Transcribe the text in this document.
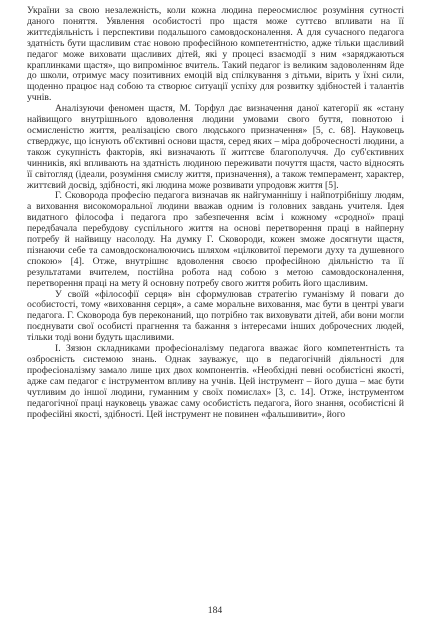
України за свою незалежність, коли кожна людина переосмислює розуміння сутності даного поняття. Уявлення особистості про щастя може суттєво впливати на її життєдіяльність і перспективи подальшого самовдосконалення. А для сучасного педагога здатність бути щасливим стає новою професійною компетентністю, адже тільки щасливий педагог може виховати щасливих дітей, які у процесі взаємодії з ним «заряджаються краплинками щастя», що випромінює вчитель. Такий педагог із великим задоволенням йде до школи, отримує масу позитивних емоцій від спілкування з дітьми, вірить у їхні сили, щоденно працює над собою та створює ситуації успіху для розвитку здібностей і талантів учнів.

Аналізуючи феномен щастя, М. Торфул дає визначення даної категорії як «стану найвищого внутрішнього вдоволення людини умовами свого буття, повнотою і осмисленістю життя, реалізацією свого людського призначення» [5, с. 68]. Науковець стверджує, що існують об'єктивні основи щастя, серед яких – міра доброчесності людини, а також сукупність факторів, які визначають її життєве благополуччя. До суб'єктивних чинників, які впливають на здатність людиною переживати почуття щастя, часто відносять її світогляд (ідеали, розуміння смислу життя, призначення), а також темперамент, характер, життєвий досвід, здібності, які людина може розвивати упродовж життя [5].

Г. Сковорода професію педагога визначав як найгуманнішу і найпотрібнішу людям, а виховання високоморальної людини вважав одним із головних завдань учителя. Ідея видатного філософа і педагога про забезпечення всім і кожному «сродної» праці передбачала перебудову суспільного життя на основі перетворення праці в найперну потребу й найвищу насолоду. На думку Г. Сковороди, кожен зможе досягнути щастя, пізнаючи себе та самовдосконалюючись шляхом «цілковитої перемоги духу та душевного спокою» [4]. Отже, внутрішнє вдоволення своєю професійною діяльністю та її результатами вчителем, постійна робота над собою з метою самовдосконалення, перетворення праці на мету й основну потребу свого життя робить його щасливим.

У своїй «філософії серця» він сформулював стратегію гуманізму й поваги до особистості, тому «виховання серця», а саме моральне виховання, має бути в центрі уваги педагога. Г. Сковорода був переконаний, що потрібно так виховувати дітей, аби вони могли поєднувати свої особисті прагнення та бажання з інтересами інших доброчесних людей, тільки тоді вони будуть щасливими.

І. Зязюн складниками професіоналізму педагога вважає його компетентність та озброєність системою знань. Однак зауважує, що в педагогічній діяльності для професіоналізму замало лише цих двох компонентів. «Необхідні певні особистісні якості, адже сам педагог є інструментом впливу на учнів. Цей інструмент – його душа – має бути чутливим до іншої людини, гуманним у своїх помислах» [3, с. 14]. Отже, інструментом педагогічної праці науковець уважає саму особистість педагога, його знання, особистісні й професійні якості, здібності. Цей інструмент не повинен «фальшивити», його

184
